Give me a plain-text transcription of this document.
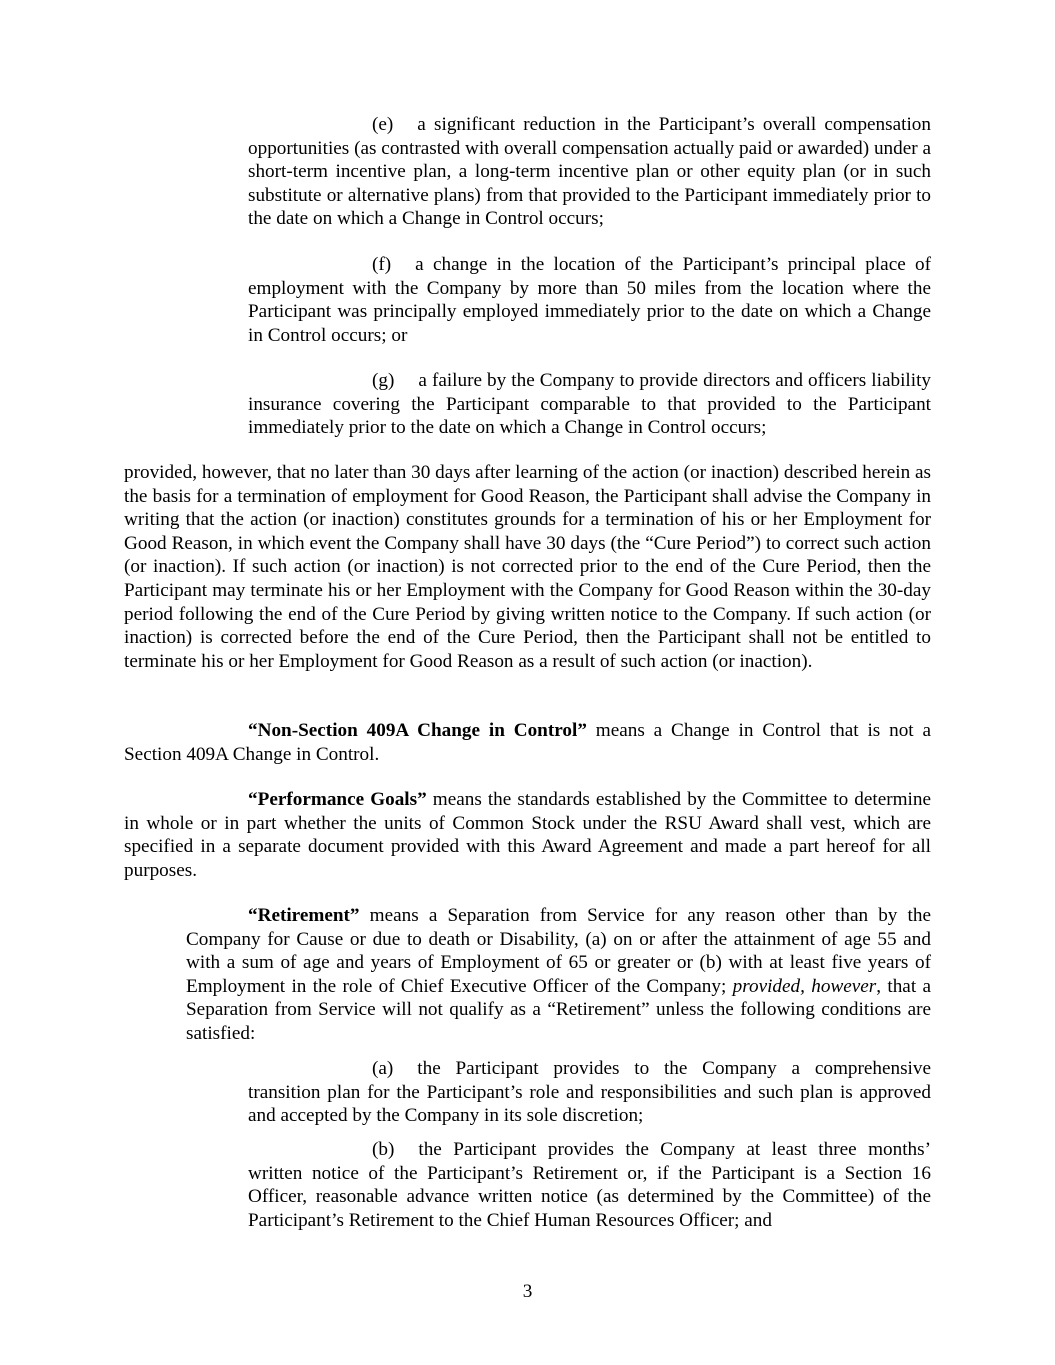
(e) a significant reduction in the Participant’s overall compensation opportunities (as contrasted with overall compensation actually paid or awarded) under a short-term incentive plan, a long-term incentive plan or other equity plan (or in such substitute or alternative plans) from that provided to the Participant immediately prior to the date on which a Change in Control occurs;

(f) a change in the location of the Participant’s principal place of employment with the Company by more than 50 miles from the location where the Participant was principally employed immediately prior to the date on which a Change in Control occurs; or

(g) a failure by the Company to provide directors and officers liability insurance covering the Participant comparable to that provided to the Participant immediately prior to the date on which a Change in Control occurs;

provided, however, that no later than 30 days after learning of the action (or inaction) described herein as the basis for a termination of employment for Good Reason, the Participant shall advise the Company in writing that the action (or inaction) constitutes grounds for a termination of his or her Employment for Good Reason, in which event the Company shall have 30 days (the “Cure Period”) to correct such action (or inaction). If such action (or inaction) is not corrected prior to the end of the Cure Period, then the Participant may terminate his or her Employment with the Company for Good Reason within the 30-day period following the end of the Cure Period by giving written notice to the Company. If such action (or inaction) is corrected before the end of the Cure Period, then the Participant shall not be entitled to terminate his or her Employment for Good Reason as a result of such action (or inaction).

“Non-Section 409A Change in Control” means a Change in Control that is not a Section 409A Change in Control.

“Performance Goals” means the standards established by the Committee to determine in whole or in part whether the units of Common Stock under the RSU Award shall vest, which are specified in a separate document provided with this Award Agreement and made a part hereof for all purposes.

“Retirement” means a Separation from Service for any reason other than by the Company for Cause or due to death or Disability, (a) on or after the attainment of age 55 and with a sum of age and years of Employment of 65 or greater or (b) with at least five years of Employment in the role of Chief Executive Officer of the Company; provided, however, that a Separation from Service will not qualify as a “Retirement” unless the following conditions are satisfied:

(a) the Participant provides to the Company a comprehensive transition plan for the Participant’s role and responsibilities and such plan is approved and accepted by the Company in its sole discretion;

(b) the Participant provides the Company at least three months’ written notice of the Participant’s Retirement or, if the Participant is a Section 16 Officer, reasonable advance written notice (as determined by the Committee) of the Participant’s Retirement to the Chief Human Resources Officer; and

3
